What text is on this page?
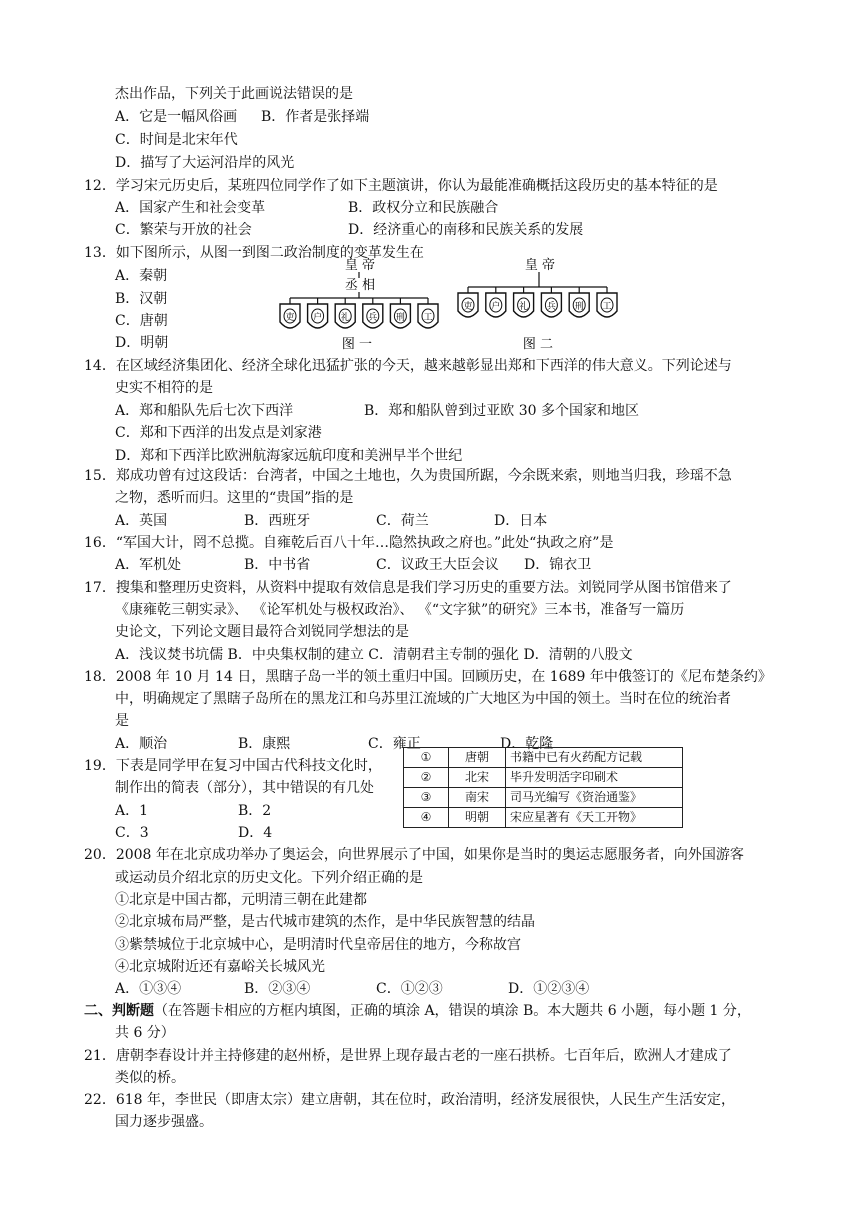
杰出作品，下列关于此画说法错误的是
A．它是一幅风俗画 B．作者是张择端
C．时间是北宋年代
D．描写了大运河沿岸的风光
12．学习宋元历史后，某班四位同学作了如下主题演讲，你认为最能准确概括这段历史的基本特征的是
A．国家产生和社会变革	B．政权分立和民族融合
C．繁荣与开放的社会	D．经济重心的南移和民族关系的发展
13．如下图所示，从图一到图二政治制度的变革发生在
A．秦朝
B．汉朝
C．唐朝
D．明朝
皇 帝
丞 相
吏 户 礼 兵 刑 工
图 一
皇 帝
吏 户 礼 兵 刑 工
图 二
14．在区域经济集团化、经济全球化迅猛扩张的今天，越来越彰显出郑和下西洋的伟大意义。下列论述与
史实不相符的是
A．郑和船队先后七次下西洋	B．郑和船队曾到过亚欧 30 多个国家和地区
C．郑和下西洋的出发点是刘家港
D．郑和下西洋比欧洲航海家远航印度和美洲早半个世纪
15．郑成功曾有过这段话：台湾者，中国之土地也，久为贵国所踞，今余既来索，则地当归我，珍瑶不急
之物，悉听而归。这里的“贵国”指的是
A．英国	B．西班牙	C．荷兰	D．日本
16．“军国大计，罔不总揽。自雍乾后百八十年…隐然执政之府也。”此处“执政之府”是
A．军机处	B．中书省	C．议政王大臣会议 D．锦衣卫
17．搜集和整理历史资料，从资料中提取有效信息是我们学习历史的重要方法。刘锐同学从图书馆借来了
《康雍乾三朝实录》、 《论军机处与极权政治》、 《“文字狱”的研究》三本书，准备写一篇历
史论文，下列论文题目最符合刘锐同学想法的是
A．浅议焚书坑儒 B．中央集权制的建立 C．清朝君主专制的强化 D．清朝的八股文
18．2008 年 10 月 14 日，黑瞎子岛一半的领土重归中国。回顾历史，在 1689 年中俄签订的《尼布楚条约》
中，明确规定了黑瞎子岛所在的黑龙江和乌苏里江流域的广大地区为中国的领土。当时在位的统治者
是
A．顺治	B．康熙	C．雍正	D．乾隆
19．下表是同学甲在复习中国古代科技文化时，
制作出的简表（部分），其中错误的有几处
A．1	B．2
C．3	D．4
①	唐朝	书籍中已有火药配方记载
②	北宋	毕升发明活字印刷术
③	南宋	司马光编写《资治通鉴》
④	明朝	宋应星著有《天工开物》
20．2008 年在北京成功举办了奥运会，向世界展示了中国，如果你是当时的奥运志愿服务者，向外国游客
或运动员介绍北京的历史文化。下列介绍正确的是
①北京是中国古都，元明清三朝在此建都
②北京城布局严整，是古代城市建筑的杰作，是中华民族智慧的结晶
③紫禁城位于北京城中心，是明清时代皇帝居住的地方，今称故宫
④北京城附近还有嘉峪关长城风光
A．①③④	B．②③④	C．①②③	D．①②③④
二、判断题（在答题卡相应的方框内填图，正确的填涂 A，错误的填涂 B。本大题共 6 小题，每小题 1 分，
共 6 分）
21．唐朝李春设计并主持修建的赵州桥，是世界上现存最古老的一座石拱桥。七百年后，欧洲人才建成了
类似的桥。
22．618 年，李世民（即唐太宗）建立唐朝，其在位时，政治清明，经济发展很快，人民生产生活安定，
国力逐步强盛。
